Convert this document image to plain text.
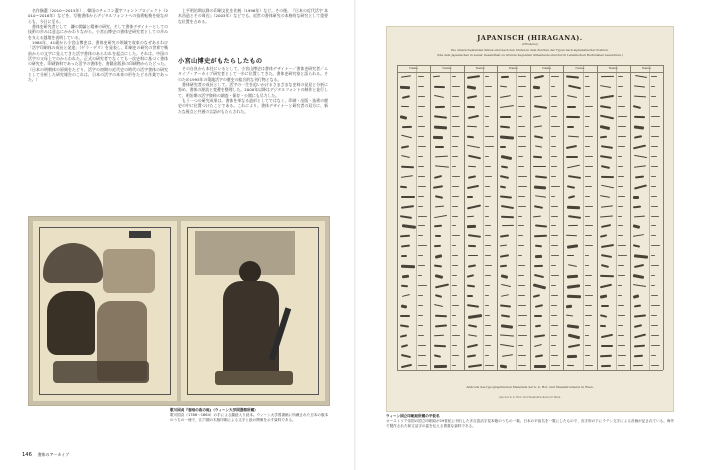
名作揃選（2010～2015年）、韓国のチェコン選字フォントプロジェクト（2010～2016年）などを、写植書体からデジタルフォントへの技術転換を経ながらも、今日に至る。

書体史研究者として　鎌の開論と精神の研究、そして書体デザイナーとしての技術の歩みは意志にかかわりながら、小宮山博史の書体史研究者としての歩みを支える越境を表明している。

1984年、41歳から小宮山博史は、書体史研究の領域で収束のなぜあるわけ「活字印刷体の成長と発達」（ゲラ・ゲリ）を発表し、印刷史の研究の世界で戦前からの文字に見えてきた活字書体のあらわれを起点にした。それは、中国の活字の父母上でのからわれた。正式の研究者でなくても一次史料に基づく書体の研究を、印刷資料であった活字の書体を、書籍出版界の印刷物からたどった。（日本の明朝体の原典をたどり、活字の初期の近代史の時代の活字書体の研究として分析した研究報告のこれは、日本の活字の本来の形をたどる作業であった。）

上平明治期以降の印刷文化を比較（1996年）など。その後、『日本の近代活字 本木昌造とその周辺』（2003年）などでも、近世の書体研究の本格的な研究として重要な位置を占める。

小宮山博史がもたらしたもの

その自負から本任にいるとして、小宮山博史は書体デザイナー／書体史研究者／ムタイプ・アーカイブ研究者として一歩に位置してきた。書体史研究家と語られる。そのため1995年の築地活字の歴史の総合的な刊行物となる。

書体研究者の成長として、活字の一生を追いかけるさまざまな史料の発見と分析に努め、書体の源流と変遷を整理した。2000年以降はデジタルフォントの制作と並行して、明治期の活字資料の調査・保存・公開にも尽力した。

もう一つの研究成果は、書体を単なる造形としてではなく、印刷・出版・技術の歴史の中に位置づけたことである。これにより、書体デザイナーと研究者の双方に、新たな視点と共通の言語がもたらされた。

歌川国貞『春雨の夜の雨』（ウィーン大学図書館所蔵）
歌川国貞（1786～1864）の手による錦絵入り読本。ウィーン大学図書館に所蔵された日本の版本のうちの一冊で、江戸期の木版印刷による文字と絵の関係を示す資料である。
146 書体のアーカイブ
JAPANISCH (HIRAGANA).
(Hirakana)
Die unterscheidenden Silben sind nach den Stufen in dem Zeichen der Typen nach alphabetischer Position.
(Die dem Japanischen in seiner Gesamtheit zu Grunde liegenden Silbenlaute sind durch Lateinischen Buchstaben bezeichnet.)
Name	Name	Name	Name	Name	Name	Name	Name
Abdruck des typographischen Materials der k. k. Hof- und Staatsdruckerei in Wien.
Aus der k. k. Hof- und Staatsdruckerei in Wien.
ウィーン国立印刷局所蔵の平仮名
オーストリア帝国の国立印刷局が19世紀に刊行した多言語活字見本帳のうちの一葉。日本の平仮名を一覧にしたもので、各字形の下にラテン文字による音価が記されている。海外で製作された和文活字の姿を伝える貴重な資料である。
